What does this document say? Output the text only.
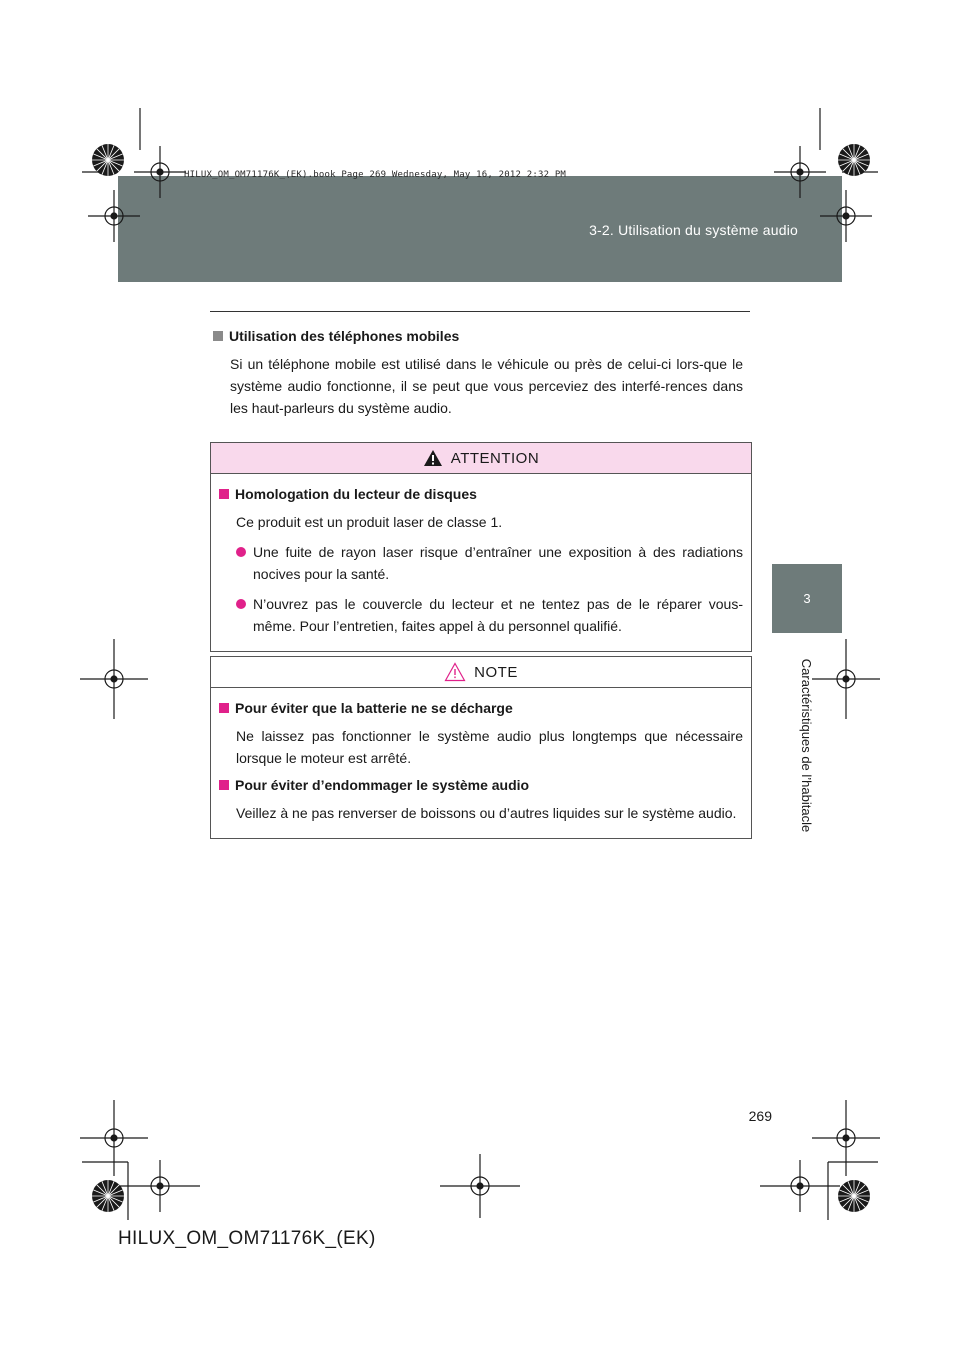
3-2. Utilisation du système audio
HILUX_OM_OM71176K_(EK).book Page 269 Wednesday, May 16, 2012 2:32 PM
3
Caractéristiques de l’habitacle
Utilisation des téléphones mobiles

Si un téléphone mobile est utilisé dans le véhicule ou près de celui-ci lors-que le système audio fonctionne, il se peut que vous perceviez des interfé-rences dans les haut-parleurs du système audio.

ATTENTION
Homologation du lecteur de disques

Ce produit est un produit laser de classe 1.

Une fuite de rayon laser risque d’entraîner une exposition à des radiations nocives pour la santé.
N’ouvrez pas le couvercle du lecteur et ne tentez pas de le réparer vous-même. Pour l’entretien, faites appel à du personnel qualifié.
NOTE
Pour éviter que la batterie ne se décharge

Ne laissez pas fonctionner le système audio plus longtemps que nécessaire lorsque le moteur est arrêté.

Pour éviter d’endommager le système audio

Veillez à ne pas renverser de boissons ou d’autres liquides sur le système audio.

269
HILUX_OM_OM71176K_(EK)
